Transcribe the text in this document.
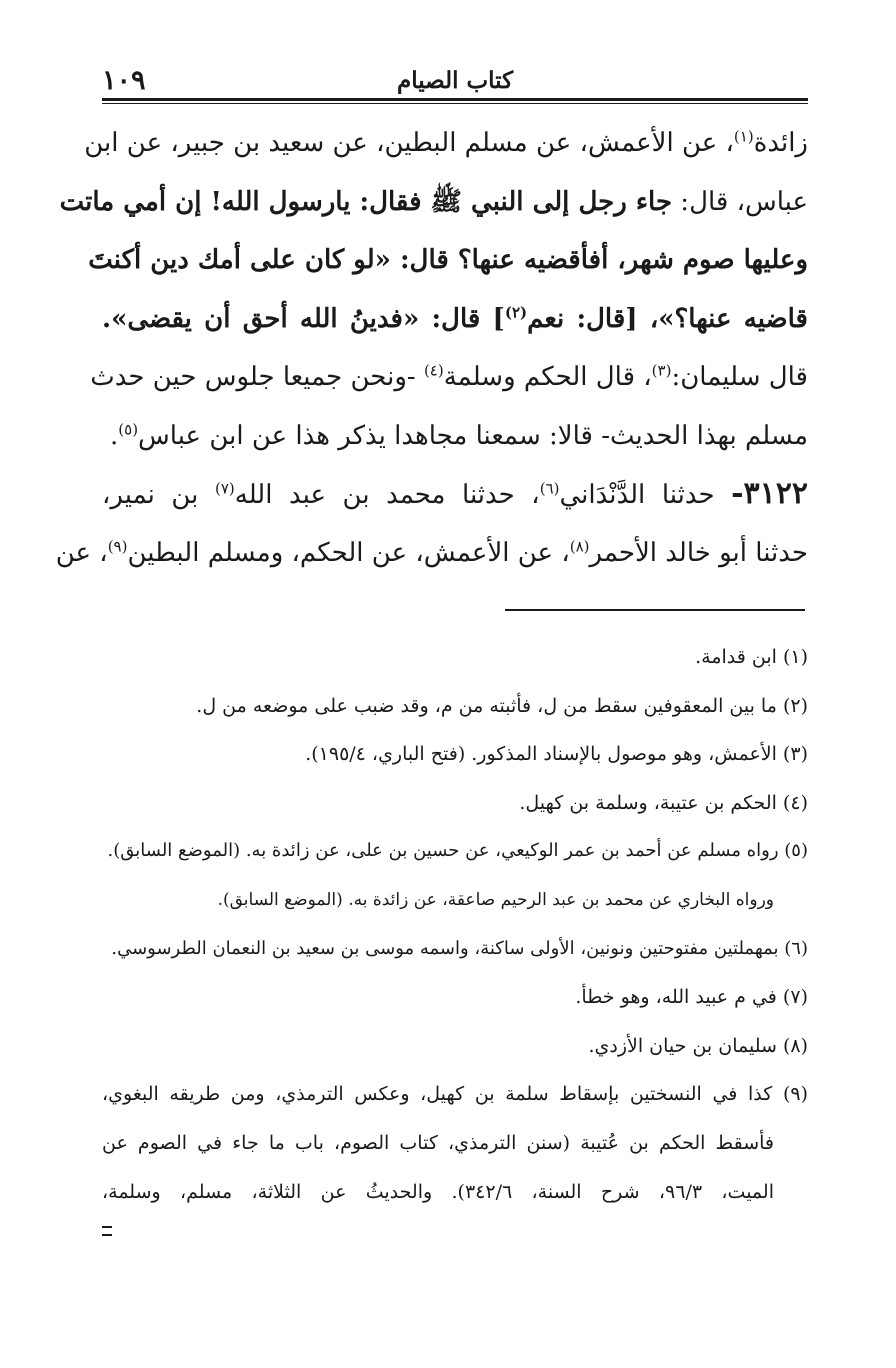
كتاب الصيام
١٠٩
زائدة$^{(١)}$، عن الأعمش، عن مسلم البطين، عن سعيد بن جبير، عن ابن
عباس، قال: جاء رجل إلى النبي ﷺ فقال: يارسول الله! إن أمي ماتت
وعليها صوم شهر، أفأقضيه عنها؟ قال: «لو كان على أمك دين أكنتَ
قاضيه عنها؟»، [قال: نعم$^{(٢)}$] قال: «فدينُ الله أحق أن يقضى».
قال سليمان:$^{(٣)}$، قال الحكم وسلمة$^{(٤)}$ -ونحن جميعا جلوس حين حدث
مسلم بهذا الحديث- قالا: سمعنا مجاهدا يذكر هذا عن ابن عباس$^{(٥)}$.
٣١٢٢- حدثنا الدَّنْدَاني$^{(٦)}$، حدثنا محمد بن عبد الله$^{(٧)}$ بن نمير،
حدثنا أبو خالد الأحمر$^{(٨)}$، عن الأعمش، عن الحكم، ومسلم البطين$^{(٩)}$، عن
(١) ابن قدامة.
(٢) ما بين المعقوفين سقط من ل، فأثبته من م، وقد ضبب على موضعه من ل.
(٣) الأعمش، وهو موصول بالإسناد المذكور. (فتح الباري، ١٩٥/٤).
(٤) الحكم بن عتيبة، وسلمة بن كهيل.
(٥) رواه مسلم عن أحمد بن عمر الوكيعي، عن حسين بن على، عن زائدة به. (الموضع السابق).
ورواه البخاري عن محمد بن عبد الرحيم صاعقة، عن زائدة به. (الموضع السابق).
(٦) بمهملتين مفتوحتين ونونين، الأولى ساكنة، واسمه موسى بن سعيد بن النعمان الطرسوسي.
(٧) في م عبيد الله، وهو خطأ.
(٨) سليمان بن حيان الأزدي.
(٩) كذا في النسختين بإسقاط سلمة بن كهيل، وعكس الترمذي، ومن طريقه البغوي،
فأسقط الحكم بن عُتيبة (سنن الترمذي، كتاب الصوم، باب ما جاء في الصوم عن
الميت، ٩٦/٣، شرح السنة، ٣٤٢/٦). والحديثُ عن الثلاثة، مسلم، وسلمة،
